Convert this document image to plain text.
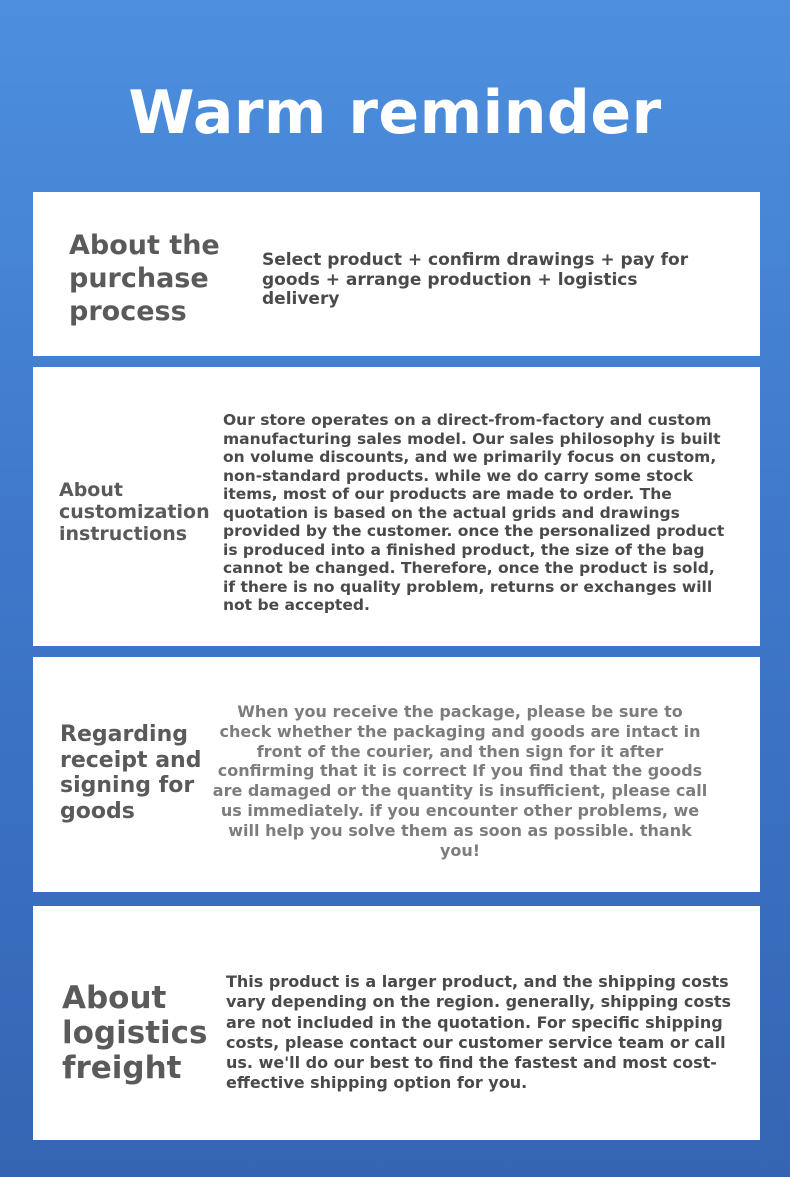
Warm reminder
About the
purchase
process
Select product + confirm drawings + pay for goods + arrange production + logistics delivery
About
customization
instructions
Our store operates on a direct-from-factory and custom manufacturing sales model. Our sales philosophy is built on volume discounts, and we primarily focus on custom, non-standard products. while we do carry some stock items, most of our products are made to order. The quotation is based on the actual grids and drawings provided by the customer. once the personalized product is produced into a finished product, the size of the bag cannot be changed. Therefore, once the product is sold, if there is no quality problem, returns or exchanges will not be accepted.
Regarding
receipt and
signing for
goods
When you receive the package, please be sure to check whether the packaging and goods are intact in front of the courier, and then sign for it after confirming that it is correct If you find that the goods are damaged or the quantity is insufficient, please call us immediately. if you encounter other problems, we will help you solve them as soon as possible. thank you!
About
logistics
freight
This product is a larger product, and the shipping costs vary depending on the region. generally, shipping costs are not included in the quotation. For specific shipping costs, please contact our customer service team or call us. we'll do our best to find the fastest and most cost-effective shipping option for you.
